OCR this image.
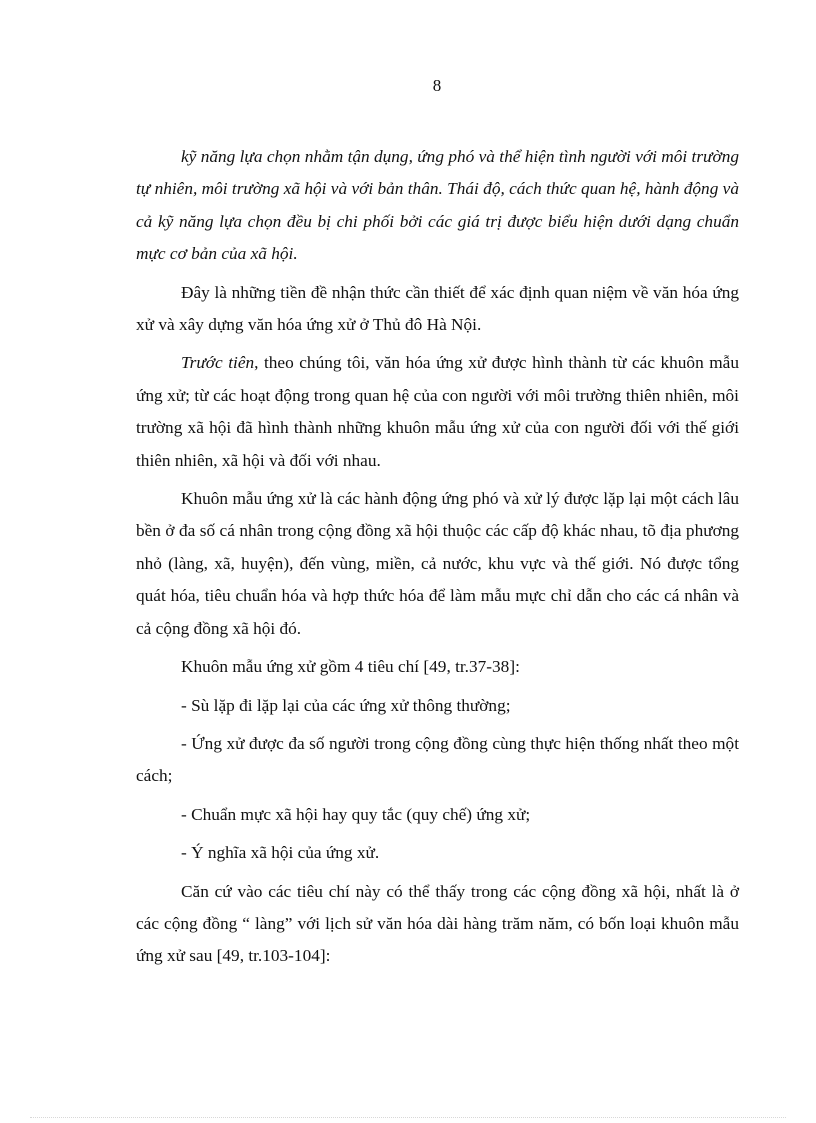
8

kỹ năng lựa chọn nhằm tận dụng, ứng phó và thể hiện tình người với môi trường tự nhiên, môi trường xã hội và với bản thân. Thái độ, cách thức quan hệ, hành động và cả kỹ năng lựa chọn đều bị chi phối bởi các giá trị được biểu hiện dưới dạng chuẩn mực cơ bản của xã hội.

Đây là những tiền đề nhận thức cần thiết để xác định quan niệm về văn hóa ứng xử và xây dựng văn hóa ứng xử ở Thủ đô Hà Nội.

Trước tiên, theo chúng tôi, văn hóa ứng xử được hình thành từ các khuôn mẫu ứng xử; từ các hoạt động trong quan hệ của con người với môi trường thiên nhiên, môi trường xã hội đã hình thành những khuôn mẫu ứng xử của con người đối với thế giới thiên nhiên, xã hội và đối với nhau.

Khuôn mẫu ứng xử là các hành động ứng phó và xử lý được lặp lại một cách lâu bền ở đa số cá nhân trong cộng đồng xã hội thuộc các cấp độ khác nhau, tõ địa phương nhỏ (làng, xã, huyện), đến vùng, miền, cả nước, khu vực và thế giới. Nó được tổng quát hóa, tiêu chuẩn hóa và hợp thức hóa để làm mẫu mực chỉ dẫn cho các cá nhân và cả cộng đồng xã hội đó.

Khuôn mẫu ứng xử gồm 4 tiêu chí [49, tr.37-38]:

- Sù lặp đi lặp lại của các ứng xử thông thường;

- Ứng xử được đa số người trong cộng đồng cùng thực hiện thống nhất theo một cách;

- Chuẩn mực xã hội hay quy tắc (quy chế) ứng xử;

- Ý nghĩa xã hội của ứng xử.

Căn cứ vào các tiêu chí này có thể thấy trong các cộng đồng xã hội, nhất là ở các cộng đồng “ làng” với lịch sử văn hóa dài hàng trăm năm, có bốn loại khuôn mẫu ứng xử sau [49, tr.103-104]:
